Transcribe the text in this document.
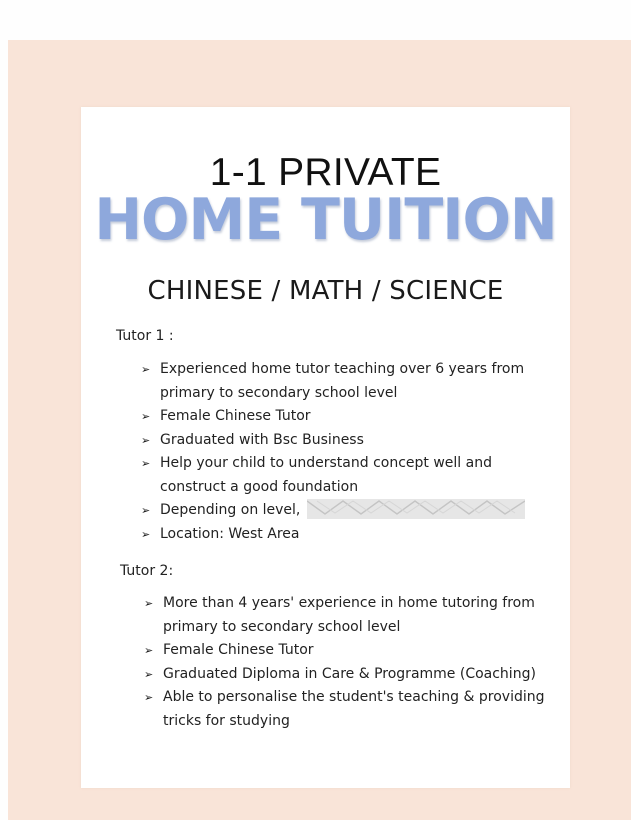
1-1 PRIVATE
HOME TUITION
CHINESE / MATH / SCIENCE
Tutor 1 :
➢ Experienced home tutor teaching over 6 years from primary to secondary school level
➢ Female Chinese Tutor
➢ Graduated with Bsc Business
➢ Help your child to understand concept well and construct a good foundation
➢ Depending on level,
➢ Location: West Area
Tutor 2:
➢ More than 4 years' experience in home tutoring from primary to secondary school level
➢ Female Chinese Tutor
➢ Graduated Diploma in Care & Programme (Coaching)
➢ Able to personalise the student's teaching & providing tricks for studying
